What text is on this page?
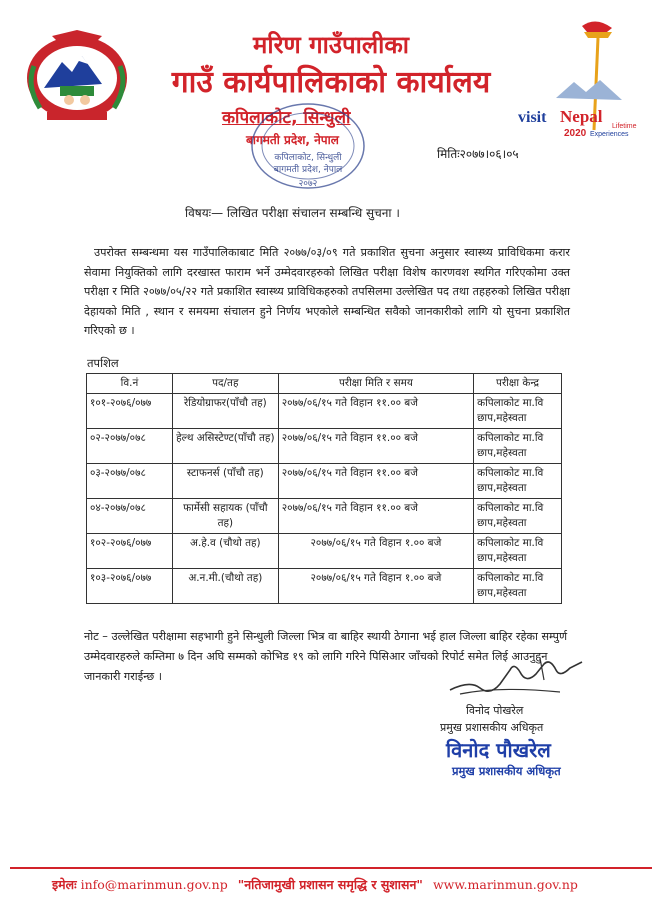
visit Nepal
Lifetime
2020 Experiences
मरिण गाउँपालीका
गाउँ कार्यपालिकाको कार्यालय
कपिलाकोट, सिन्धुली
बागमती प्रदेश, नेपाल
कपिलाकोट, सिन्धुली
बागमती प्रदेश, नेपाल
२०७२
मितिः२०७७।०६।०५
विषयः— लिखित परीक्षा संचालन सम्बन्धि सुचना ।
उपरोक्त सम्बन्धमा यस गाउँपालिकाबाट मिति २०७७/०३/०९ गते प्रकाशित सुचना अनुसार स्वास्थ्य प्राविधिकमा करार सेवामा नियुक्तिको लागि दरखास्त फाराम भर्ने उम्मेदवारहरुको लिखित परीक्षा विशेष कारणवश स्थगित गरिएकोमा उक्त परीक्षा र मिति २०७७/०५/२२ गते प्रकाशित स्वास्थ्य प्राविधिकहरुको तपसिलमा उल्लेखित पद तथा तहहरुको लिखित परीक्षा देहायको मिति , स्थान र समयमा संचालन हुने निर्णय भएकोले सम्बन्धित सवैको जानकारीको लागि यो सुचना प्रकाशित गरिएको छ ।
तपशिल
वि.नं	पद/तह	परीक्षा मिति र समय	परीक्षा केन्द्र
१०१-२०७६/०७७	रेडियोग्राफर(पाँचौ तह)	२०७७/०६/१५ गते विहान ११.०० बजे	कपिलाकोट मा.वि छाप,महेस्वता
०२-२०७७/०७८	हेल्थ असिस्टेण्ट(पाँचौ तह)	२०७७/०६/१५ गते विहान ११.०० बजे	कपिलाकोट मा.वि छाप,महेस्वता
०३-२०७७/०७८	स्टाफनर्स (पाँचौ तह)	२०७७/०६/१५ गते विहान ११.०० बजे	कपिलाकोट मा.वि छाप,महेस्वता
०४-२०७७/०७८	फार्मेसी सहायक (पाँचौ तह)	२०७७/०६/१५ गते विहान ११.०० बजे	कपिलाकोट मा.वि छाप,महेस्वता
१०२-२०७६/०७७	अ.हे.व (चौथो तह)	२०७७/०६/१५ गते विहान १.०० बजे	कपिलाकोट मा.वि छाप,महेस्वता
१०३-२०७६/०७७	अ.न.मी.(चौथो तह)	२०७७/०६/१५ गते विहान १.०० बजे	कपिलाकोट मा.वि छाप,महेस्वता
नोट – उल्लेखित परीक्षामा सहभागी हुने सिन्धुली जिल्ला भित्र वा बाहिर स्थायी ठेगाना भई हाल जिल्ला बाहिर रहेका सम्पुर्ण उम्मेदवारहरुले कम्तिमा ७ दिन अघि सम्मको कोभिड १९ को लागि गरिने पिसिआर जाँचको रिपोर्ट समेत लिई आउनुहुन जानकारी गराईन्छ ।
विनोद पोखरेल
प्रमुख प्रशासकीय अधिकृत
विनोद पौखरेल
प्रमुख प्रशासकीय अधिकृत
इमेलः info@marinmun.gov.np "नतिजामुखी प्रशासन समृद्धि र सुशासन" www.marinmun.gov.np
